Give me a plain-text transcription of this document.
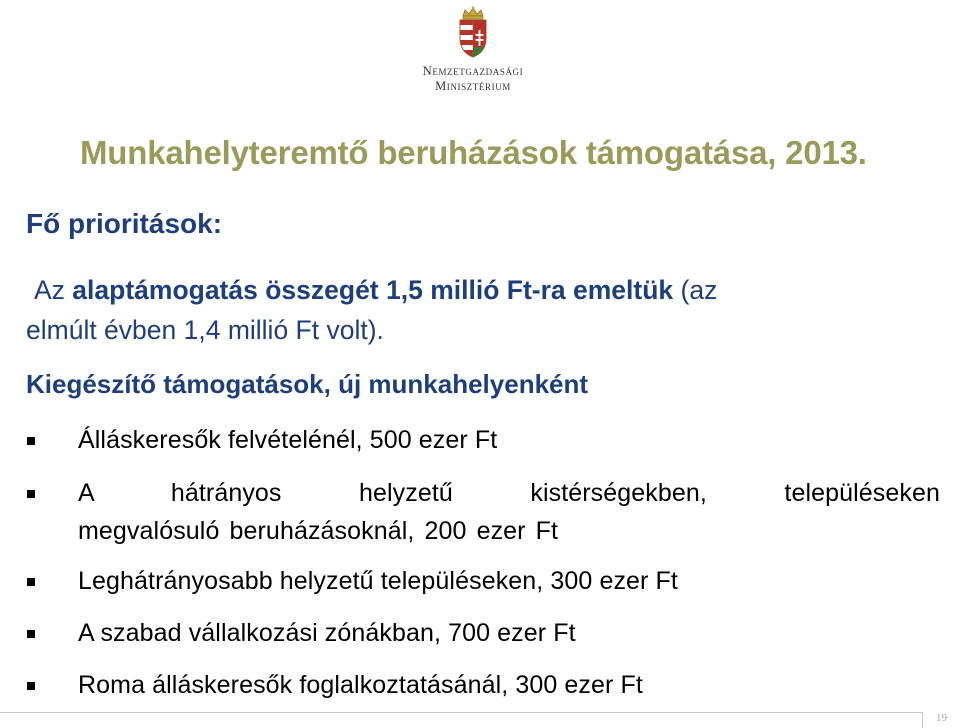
Nemzetgazdasági
Minisztérium
Munkahelyteremtő beruházások támogatása, 2013.
Fő prioritások:
Az alaptámogatás összegét 1,5 millió Ft-ra emeltük (az
elmúlt évben 1,4 millió Ft volt).
Kiegészítő támogatások, új munkahelyenként
Álláskeresők felvételénél, 500 ezer Ft
A hátrányos helyzetű kistérségekben, településeken
megvalósuló beruházásoknál, 200 ezer Ft
Leghátrányosabb helyzetű településeken, 300 ezer Ft
A szabad vállalkozási zónákban, 700 ezer Ft
Roma álláskeresők foglalkoztatásánál, 300 ezer Ft
19
